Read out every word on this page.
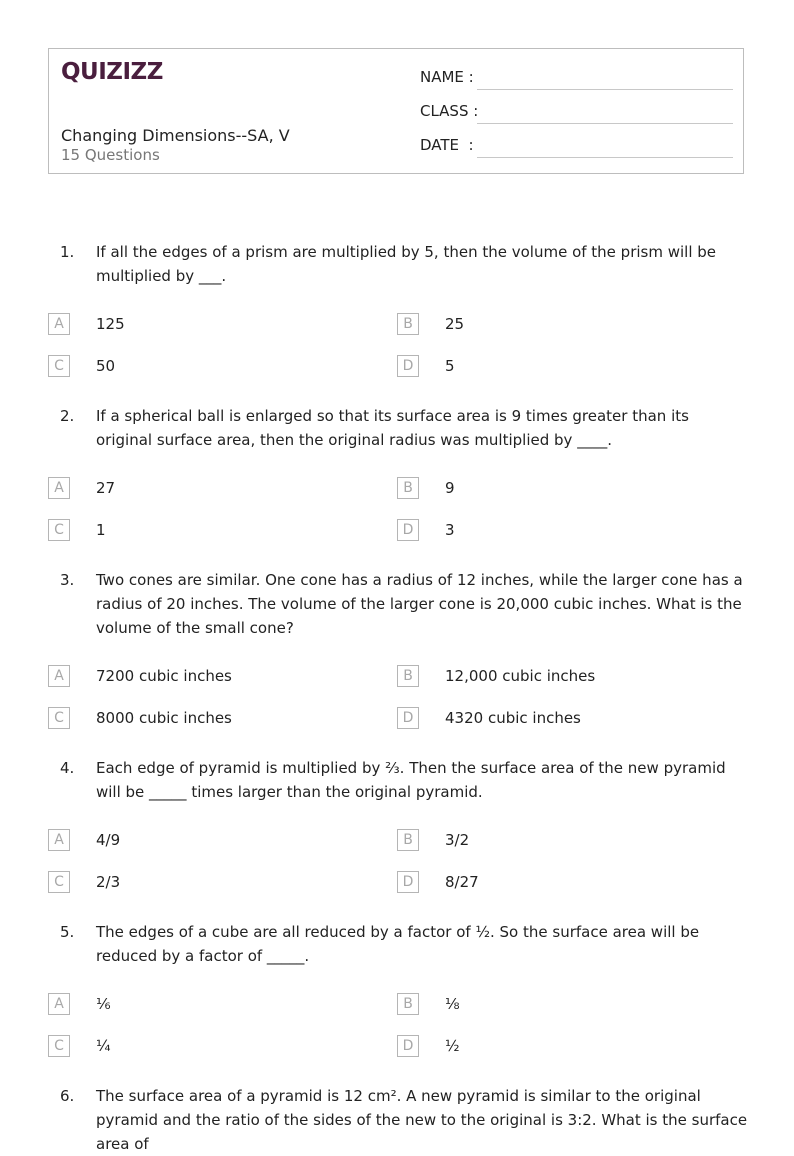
QUIZIZZ
Changing Dimensions--SA, V
15 Questions
NAME :
CLASS :
DATE  :
1.	If all the edges of a prism are multiplied by 5, then the volume of the prism will be multiplied by ___.
A	125	B	25
C	50	D	5
2.	If a spherical ball is enlarged so that its surface area is 9 times greater than its original surface area, then the original radius was multiplied by ____.
A	27	B	9
C	1	D	3
3.	Two cones are similar. One cone has a radius of 12 inches, while the larger cone has a radius of 20 inches. The volume of the larger cone is 20,000 cubic inches. What is the volume of the small cone?
A	7200 cubic inches	B	12,000 cubic inches
C	8000 cubic inches	D	4320 cubic inches
4.	Each edge of pyramid is multiplied by ⅔. Then the surface area of the new pyramid will be _____ times larger than the original pyramid.
A	4/9	B	3/2
C	2/3	D	8/27
5.	The edges of a cube are all reduced by a factor of ½. So the surface area will be reduced by a factor of _____.
A	⅙	B	⅛
C	¼	D	½
6.	The surface area of a pyramid is 12 cm². A new pyramid is similar to the original pyramid and the ratio of the sides of the new to the original is 3:2. What is the surface area of
